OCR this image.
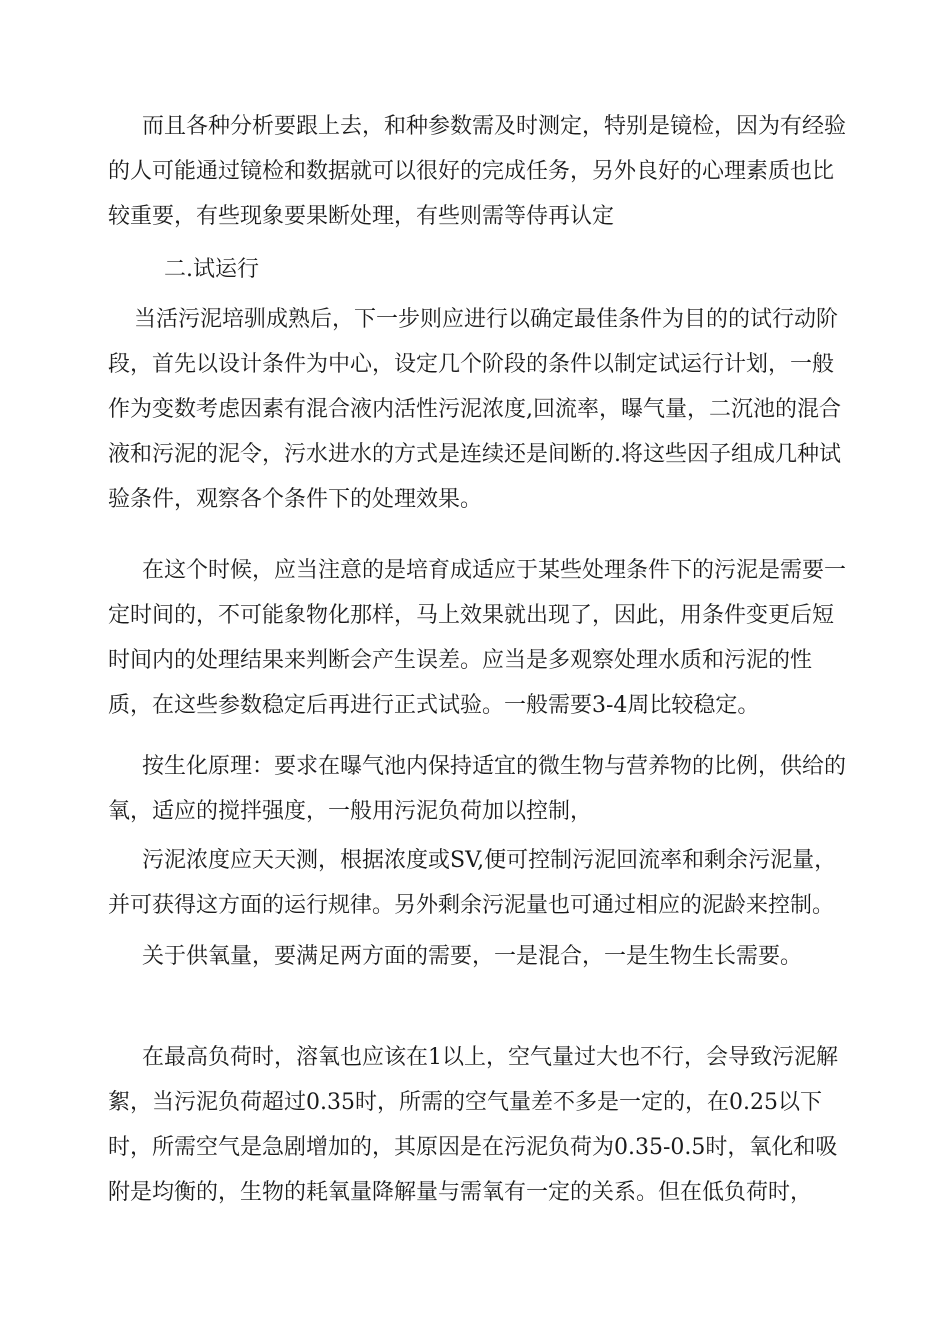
而且各种分析要跟上去，和种参数需及时测定，特别是镜检，因为有经验的人可能通过镜检和数据就可以很好的完成任务，另外良好的心理素质也比较重要，有些现象要果断处理，有些则需等侍再认定

二.试运行

当活污泥培驯成熟后，下一步则应进行以确定最佳条件为目的的试行动阶段，首先以设计条件为中心，设定几个阶段的条件以制定试运行计划，一般作为变数考虑因素有混合液内活性污泥浓度,回流率，曝气量，二沉池的混合液和污泥的泥令，污水进水的方式是连续还是间断的.将这些因子组成几种试验条件，观察各个条件下的处理效果。

在这个时候，应当注意的是培育成适应于某些处理条件下的污泥是需要一定时间的，不可能象物化那样，马上效果就出现了，因此，用条件变更后短时间内的处理结果来判断会产生误差。应当是多观察处理水质和污泥的性质，在这些参数稳定后再进行正式试验。一般需要3-4周比较稳定。

按生化原理：要求在曝气池内保持适宜的微生物与营养物的比例，供给的氧，适应的搅拌强度，一般用污泥负荷加以控制，

污泥浓度应天天测，根据浓度或SV,便可控制污泥回流率和剩余污泥量，并可获得这方面的运行规律。另外剩余污泥量也可通过相应的泥龄来控制。

关于供氧量，要满足两方面的需要，一是混合，一是生物生长需要。

在最高负荷时，溶氧也应该在1以上，空气量过大也不行，会导致污泥解絮，当污泥负荷超过0.35时，所需的空气量差不多是一定的，在0.25以下时，所需空气是急剧增加的，其原因是在污泥负荷为0.35-0.5时，氧化和吸附是均衡的，生物的耗氧量降解量与需氧有一定的关系。但在低负荷时，
